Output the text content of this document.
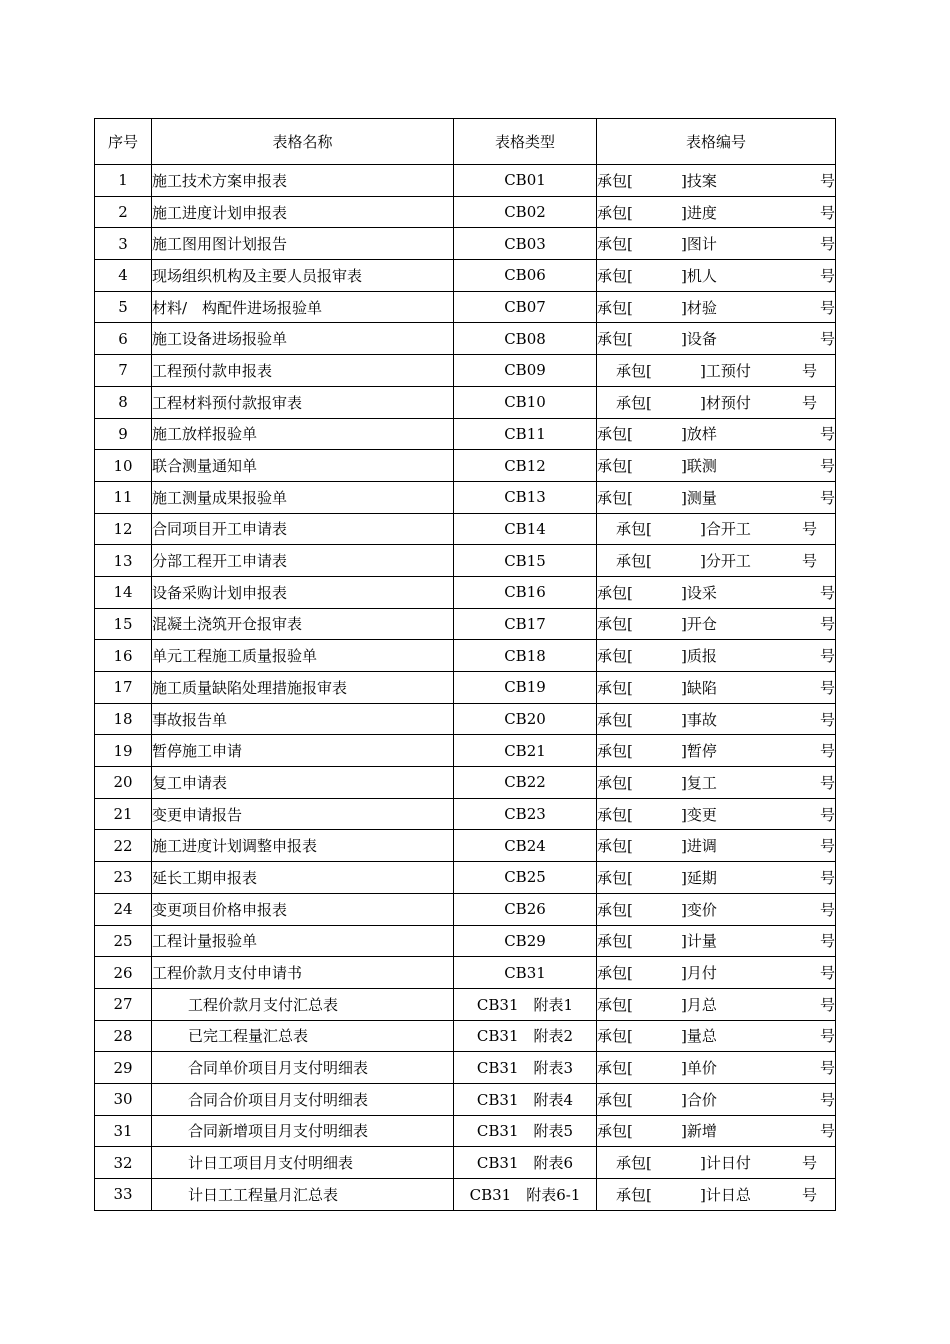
序号	表格名称	表格类型	表格编号
1	施工技术方案申报表	CB01	承包[ ]技案 号

2	施工进度计划申报表	CB02	承包[ ]进度 号

3	施工图用图计划报告	CB03	承包[ ]图计 号

4	现场组织机构及主要人员报审表	CB06	承包[ ]机人 号

5	材料/　构配件进场报验单	CB07	承包[ ]材验 号

6	施工设备进场报验单	CB08	承包[ ]设备 号

7	工程预付款申报表	CB09	承包[ ]工预付 号

8	工程材料预付款报审表	CB10	承包[ ]材预付 号

9	施工放样报验单	CB11	承包[ ]放样 号

10	联合测量通知单	CB12	承包[ ]联测 号

11	施工测量成果报验单	CB13	承包[ ]测量 号

12	合同项目开工申请表	CB14	承包[ ]合开工 号

13	分部工程开工申请表	CB15	承包[ ]分开工 号

14	设备采购计划申报表	CB16	承包[ ]设采 号

15	混凝土浇筑开仓报审表	CB17	承包[ ]开仓 号

16	单元工程施工质量报验单	CB18	承包[ ]质报 号

17	施工质量缺陷处理措施报审表	CB19	承包[ ]缺陷 号

18	事故报告单	CB20	承包[ ]事故 号

19	暂停施工申请	CB21	承包[ ]暂停 号

20	复工申请表	CB22	承包[ ]复工 号

21	变更申请报告	CB23	承包[ ]变更 号

22	施工进度计划调整申报表	CB24	承包[ ]进调 号

23	延长工期申报表	CB25	承包[ ]延期 号

24	变更项目价格申报表	CB26	承包[ ]变价 号

25	工程计量报验单	CB29	承包[ ]计量 号

26	工程价款月支付申请书	CB31	承包[ ]月付 号

27	工程价款月支付汇总表	CB31　附表1	承包[ ]月总 号

28	已完工程量汇总表	CB31　附表2	承包[ ]量总 号

29	合同单价项目月支付明细表	CB31　附表3	承包[ ]单价 号

30	合同合价项目月支付明细表	CB31　附表4	承包[ ]合价 号

31	合同新增项目月支付明细表	CB31　附表5	承包[ ]新增 号

32	计日工项目月支付明细表	CB31　附表6	承包[ ]计日付 号

33	计日工工程量月汇总表	CB31　附表6-1	承包[ ]计日总 号
